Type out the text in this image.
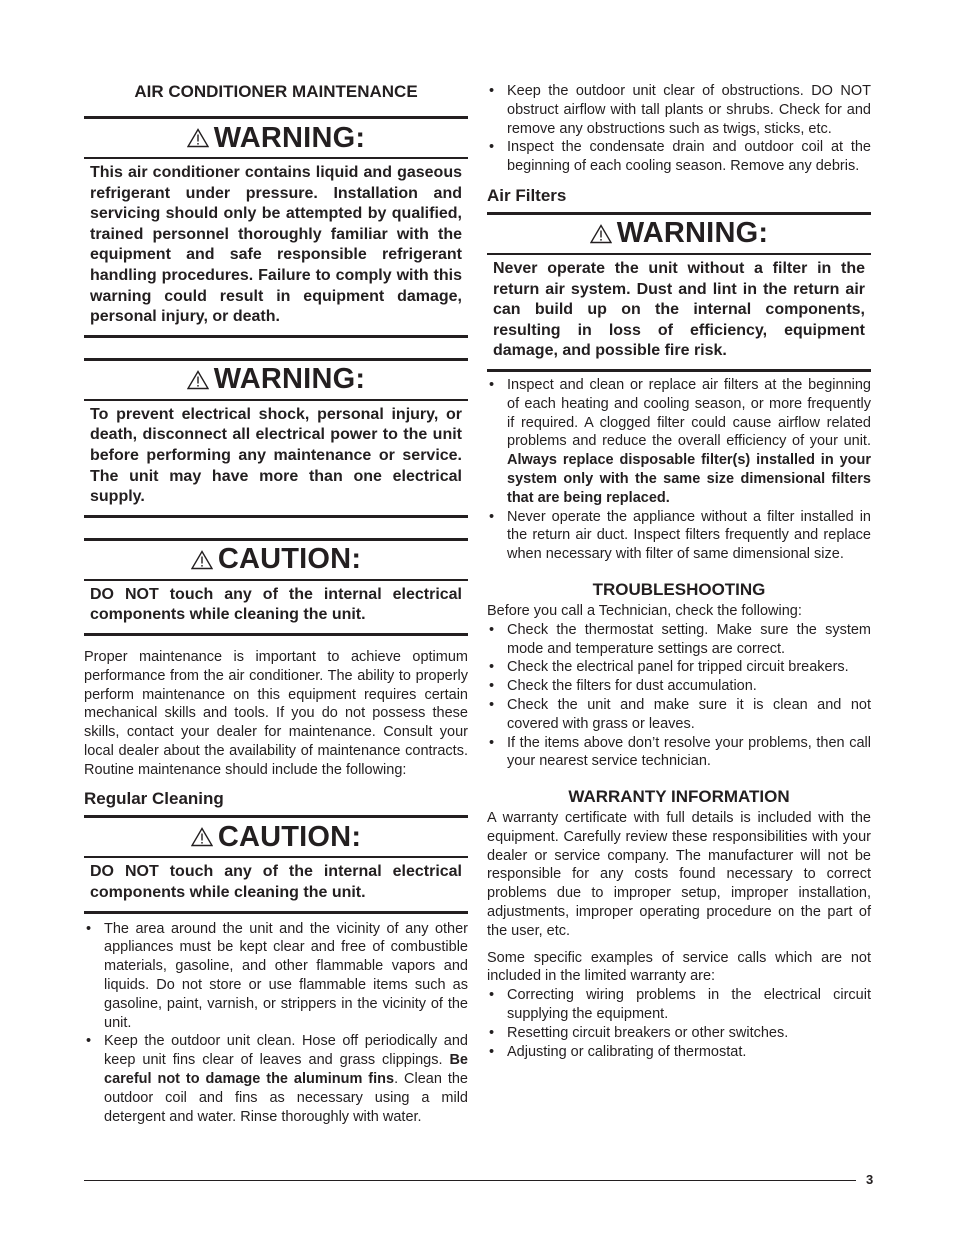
AIR CONDITIONER MAINTENANCE
WARNING:
This air conditioner contains liquid and gaseous refrigerant under pressure. Installation and servicing should only be attempted by qualified, trained personnel thoroughly familiar with the equipment and safe responsible refrigerant handling procedures. Failure to comply with this warning could result in equipment damage, personal injury, or death.
WARNING:
To prevent electrical shock, personal injury, or death, disconnect all electrical power to the unit before performing any maintenance or service. The unit may have more than one electrical supply.
CAUTION:
DO NOT touch any of the internal electrical components while cleaning the unit.

Proper maintenance is important to achieve optimum performance from the air conditioner. The ability to properly perform maintenance on this equipment requires certain mechanical skills and tools. If you do not possess these skills, contact your dealer for maintenance. Consult your local dealer about the availability of maintenance contracts. Routine maintenance should include the following:

Regular Cleaning
CAUTION:
DO NOT touch any of the internal electrical components while cleaning the unit.
• The area around the unit and the vicinity of any other appliances must be kept clear and free of combustible materials, gasoline, and other flammable vapors and liquids. Do not store or use flammable items such as gasoline, paint, varnish, or strippers in the vicinity of the unit.
• Keep the outdoor unit clean. Hose off periodically and keep unit fins clear of leaves and grass clippings. Be careful not to damage the aluminum fins. Clean the outdoor coil and fins as necessary using a mild detergent and water. Rinse thoroughly with water.
• Keep the outdoor unit clear of obstructions. DO NOT obstruct airflow with tall plants or shrubs. Check for and remove any obstructions such as twigs, sticks, etc.
• Inspect the condensate drain and outdoor coil at the beginning of each cooling season. Remove any debris.
Air Filters
WARNING:
Never operate the unit without a filter in the return air system. Dust and lint in the return air can build up on the internal components, resulting in loss of efficiency, equipment damage, and possible fire risk.
• Inspect and clean or replace air filters at the beginning of each heating and cooling season, or more frequently if required. A clogged filter could cause airflow related problems and reduce the overall efficiency of your unit. Always replace disposable filter(s) installed in your system only with the same size dimensional filters that are being replaced.
• Never operate the appliance without a filter installed in the return air duct. Inspect filters frequently and replace when necessary with filter of same dimensional size.
TROUBLESHOOTING

Before you call a Technician, check the following:

• Check the thermostat setting. Make sure the system mode and temperature settings are correct.
• Check the electrical panel for tripped circuit breakers.
• Check the filters for dust accumulation.
• Check the unit and make sure it is clean and not covered with grass or leaves.
• If the items above don’t resolve your problems, then call your nearest service technician.
WARRANTY INFORMATION

A warranty certificate with full details is included with the equipment. Carefully review these responsibilities with your dealer or service company. The manufacturer will not be responsible for any costs found necessary to correct problems due to improper setup, improper installation, adjustments, improper operating procedure on the part of the user, etc.

Some specific examples of service calls which are not included in the limited warranty are:

• Correcting wiring problems in the electrical circuit supplying the equipment.
• Resetting circuit breakers or other switches.
• Adjusting or calibrating of thermostat.
3
